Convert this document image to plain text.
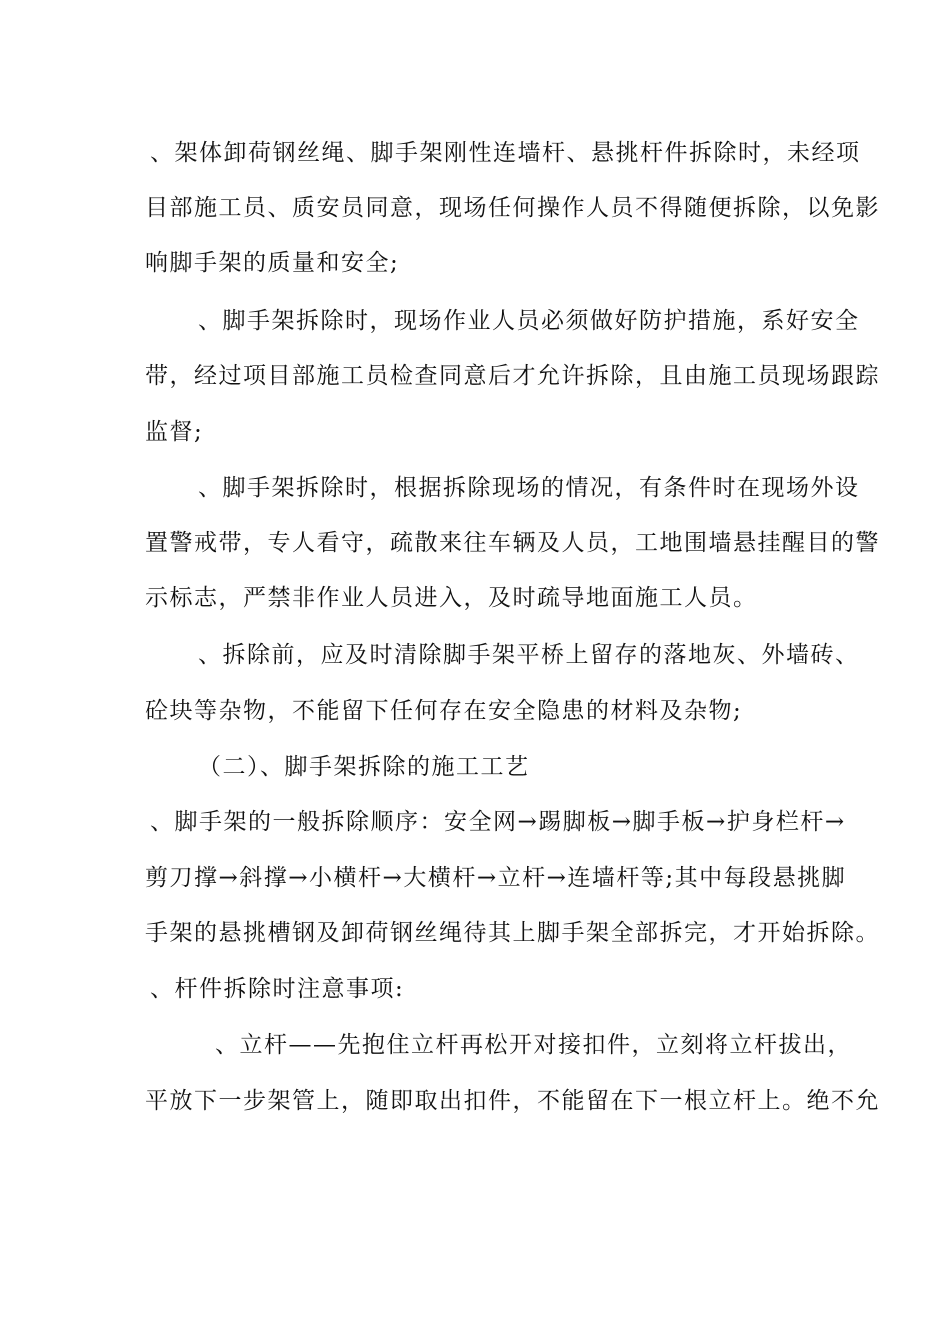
、架体卸荷钢丝绳、脚手架刚性连墙杆、悬挑杆件拆除时，未经项
目部施工员、质安员同意，现场任何操作人员不得随便拆除，以免影
响脚手架的质量和安全;
、脚手架拆除时，现场作业人员必须做好防护措施，系好安全
带，经过项目部施工员检查同意后才允许拆除，且由施工员现场跟踪
监督;
、脚手架拆除时，根据拆除现场的情况，有条件时在现场外设
置警戒带，专人看守，疏散来往车辆及人员，工地围墙悬挂醒目的警
示标志，严禁非作业人员进入，及时疏导地面施工人员。
、拆除前，应及时清除脚手架平桥上留存的落地灰、外墙砖、
砼块等杂物，不能留下任何存在安全隐患的材料及杂物;
（二）、脚手架拆除的施工工艺
、脚手架的一般拆除顺序：安全网→踢脚板→脚手板→护身栏杆→
剪刀撑→斜撑→小横杆→大横杆→立杆→连墙杆等;其中每段悬挑脚
手架的悬挑槽钢及卸荷钢丝绳待其上脚手架全部拆完，才开始拆除。
、杆件拆除时注意事项:
、立杆——先抱住立杆再松开对接扣件，立刻将立杆拔出，
平放下一步架管上，随即取出扣件，不能留在下一根立杆上。绝不允
